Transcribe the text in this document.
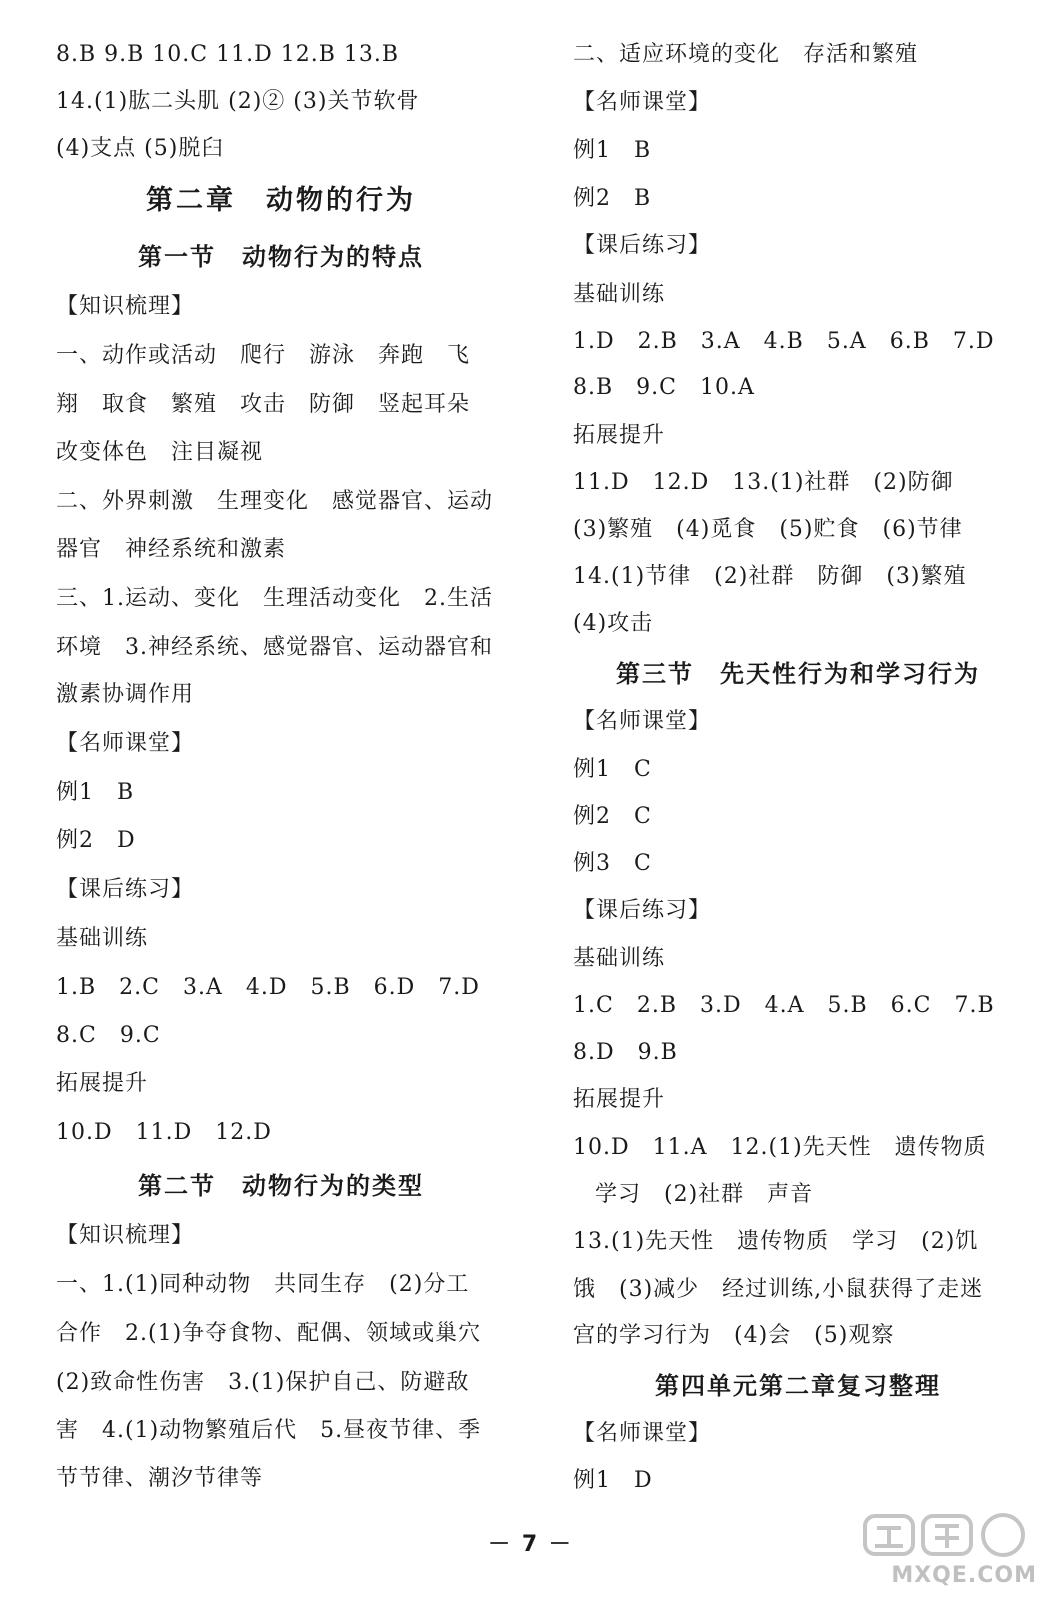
8.B 9.B 10.C 11.D 12.B 13.B
14.(1)肱二头肌 (2)② (3)关节软骨
(4)支点 (5)脱臼
第二章　动物的行为
第一节　动物行为的特点
【知识梳理】
一、动作或活动　爬行　游泳　奔跑　飞
翔　取食　繁殖　攻击　防御　竖起耳朵
改变体色　注目凝视
二、外界刺激　生理变化　感觉器官、运动
器官　神经系统和激素
三、1.运动、变化　生理活动变化　2.生活
环境　3.神经系统、感觉器官、运动器官和
激素协调作用
【名师课堂】
例1　B
例2　D
【课后练习】
基础训练
1.B　2.C　3.A　4.D　5.B　6.D　7.D
8.C　9.C
拓展提升
10.D　11.D　12.D
第二节　动物行为的类型
【知识梳理】
一、1.(1)同种动物　共同生存　(2)分工
合作　2.(1)争夺食物、配偶、领域或巢穴
(2)致命性伤害　3.(1)保护自己、防避敌
害　4.(1)动物繁殖后代　5.昼夜节律、季
节节律、潮汐节律等
二、适应环境的变化　存活和繁殖
【名师课堂】
例1　B
例2　B
【课后练习】
基础训练
1.D　2.B　3.A　4.B　5.A　6.B　7.D
8.B　9.C　10.A
拓展提升
11.D　12.D　13.(1)社群　(2)防御
(3)繁殖　(4)觅食　(5)贮食　(6)节律
14.(1)节律　(2)社群　防御　(3)繁殖
(4)攻击
第三节　先天性行为和学习行为
【名师课堂】
例1　C
例2　C
例3　C
【课后练习】
基础训练
1.C　2.B　3.D　4.A　5.B　6.C　7.B
8.D　9.B
拓展提升
10.D　11.A　12.(1)先天性　遗传物质
学习　(2)社群　声音
13.(1)先天性　遗传物质　学习　(2)饥
饿　(3)减少　经过训练,小鼠获得了走迷
宫的学习行为　(4)会　(5)观察
第四单元第二章复习整理
【名师课堂】
例1　D
－ 7 －
MXQE.COM
